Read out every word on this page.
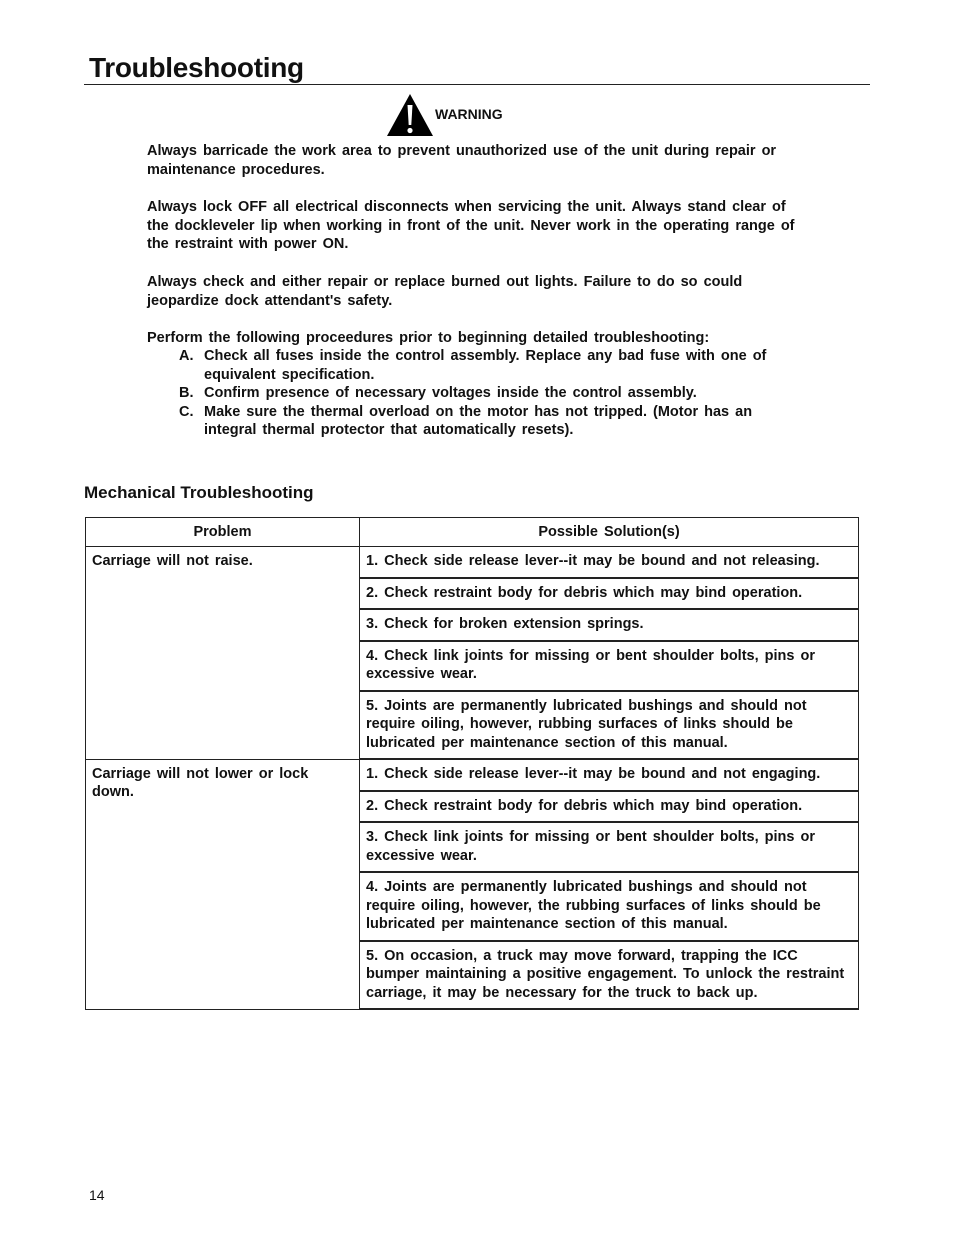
Troubleshooting
WARNING

Always barricade the work area to prevent unauthorized use of the unit during repair or maintenance procedures.

Always lock OFF all electrical disconnects when servicing the unit. Always stand clear of the dockleveler lip when working in front of the unit. Never work in the operating range of the restraint with power ON.

Always check and either repair or replace burned out lights. Failure to do so could jeopardize dock attendant's safety.

Perform the following proceedures prior to beginning detailed troubleshooting:

A. Check all fuses inside the control assembly. Replace any bad fuse with one of equivalent specification.
B. Confirm presence of necessary voltages inside the control assembly.
C. Make sure the thermal overload on the motor has not tripped. (Motor has an integral thermal protector that automatically resets).
Mechanical Troubleshooting
Problem	Possible Solution(s)
Carriage will not raise.	1. Check side release lever--it may be bound and not releasing.
	2. Check restraint body for debris which may bind operation.
	3. Check for broken extension springs.
	4. Check link joints for missing or bent shoulder bolts, pins or excessive wear.
	5. Joints are permanently lubricated bushings and should not require oiling, however, rubbing surfaces of links should be lubricated per maintenance section of this manual.
Carriage will not lower or lock down.	1. Check side release lever--it may be bound and not engaging.
	2. Check restraint body for debris which may bind operation.
	3. Check link joints for missing or bent shoulder bolts, pins or excessive wear.
	4. Joints are permanently lubricated bushings and should not require oiling, however, the rubbing surfaces of links should be lubricated per maintenance section of this manual.
	5. On occasion, a truck may move forward, trapping the ICC bumper maintaining a positive engagement. To unlock the restraint carriage, it may be necessary for the truck to back up.
14
